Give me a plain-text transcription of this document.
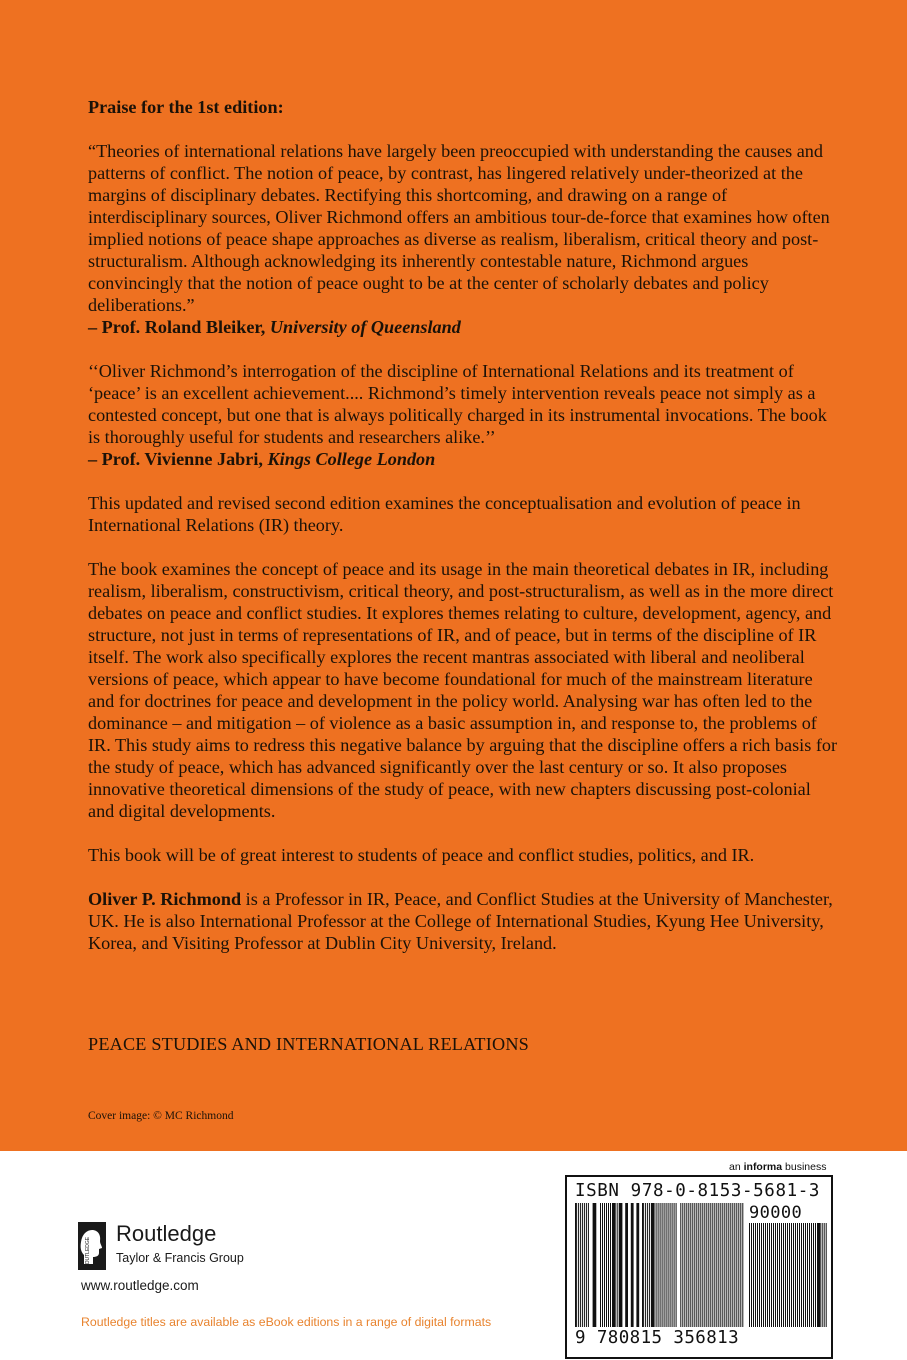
Praise for the 1st edition:

“Theories of international relations have largely been preoccupied with understanding the causes and patterns of conflict. The notion of peace, by contrast, has lingered relatively under-theorized at the margins of disciplinary debates. Rectifying this shortcoming, and drawing on a range of interdisciplinary sources, Oliver Richmond offers an ambitious tour-de-force that examines how often implied notions of peace shape approaches as diverse as realism, liberalism, critical theory and post-structuralism. Although acknowledging its inherently contestable nature, Richmond argues convincingly that the notion of peace ought to be at the center of scholarly debates and policy deliberations.”

– Prof. Roland Bleiker, University of Queensland

‘‘Oliver Richmond’s interrogation of the discipline of International Relations and its treatment of ‘peace’ is an excellent achievement.... Richmond’s timely intervention reveals peace not simply as a contested concept, but one that is always politically charged in its instrumental invocations. The book is thoroughly useful for students and researchers alike.’’

– Prof. Vivienne Jabri, Kings College London

This updated and revised second edition examines the conceptualisation and evolution of peace in International Relations (IR) theory.

The book examines the concept of peace and its usage in the main theoretical debates in IR, including realism, liberalism, constructivism, critical theory, and post-structuralism, as well as in the more direct debates on peace and conflict studies. It explores themes relating to culture, development, agency, and structure, not just in terms of representations of IR, and of peace, but in terms of the discipline of IR itself. The work also specifically explores the recent mantras associated with liberal and neoliberal versions of peace, which appear to have become foundational for much of the mainstream literature and for doctrines for peace and development in the policy world. Analysing war has often led to the dominance – and mitigation – of violence as a basic assumption in, and response to, the problems of IR. This study aims to redress this negative balance by arguing that the discipline offers a rich basis for the study of peace, which has advanced significantly over the last century or so. It also proposes innovative theoretical dimensions of the study of peace, with new chapters discussing post-colonial and digital developments.

This book will be of great interest to students of peace and conflict studies, politics, and IR.

Oliver P. Richmond is a Professor in IR, Peace, and Conflict Studies at the University of Manchester, UK. He is also International Professor at the College of International Studies, Kyung Hee University, Korea, and Visiting Professor at Dublin City University, Ireland.

PEACE STUDIES AND INTERNATIONAL RELATIONS
Cover image: © MC Richmond
an informa business
ISBN 978-0-8153-5681-3
90000
9 780815 356813
ROUTLEDGE
Routledge
Taylor & Francis Group
www.routledge.com
Routledge titles are available as eBook editions in a range of digital formats
